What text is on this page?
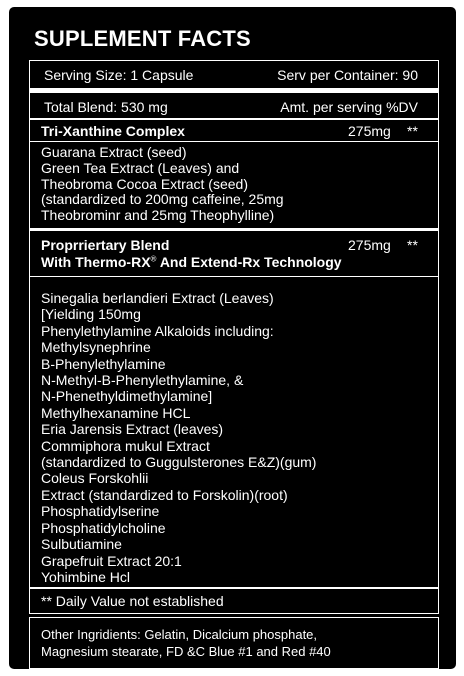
SUPLEMENT FACTS

Serving Size: 1 Capsule	Serv per Container: 90

Total Blend: 530 mg	Amt. per serving %DV

Tri-Xanthine Complex	275mg **

Guarana Extract (seed)
Green Tea Extract (Leaves) and
Theobroma Cocoa Extract (seed)
(standardized to 200mg caffeine, 25mg
Theobrominr and 25mg Theophylline)

Proprriertary Blend	275mg **

With Thermo-RX® And Extend-Rx Technology

Sinegalia berlandieri Extract (Leaves)
[Yielding 150mg
Phenylethylamine Alkaloids including:
Methylsynephrine
B-Phenylethylamine
N-Methyl-B-Phenylethylamine, &
N-Phenethyldimethylamine]
Methylhexanamine HCL
Eria Jarensis Extract (leaves)
Commiphora mukul Extract
(standardized to Guggulsterones E&Z)(gum)
Coleus Forskohlii
Extract (standardized to Forskolin)(root)
Phosphatidylserine
Phosphatidylcholine
Sulbutiamine
Grapefruit Extract 20:1
Yohimbine Hcl

** Daily Value not established

Other Ingridients: Gelatin, Dicalcium phosphate,

Magnesium stearate, FD &C Blue #1 and Red #40
